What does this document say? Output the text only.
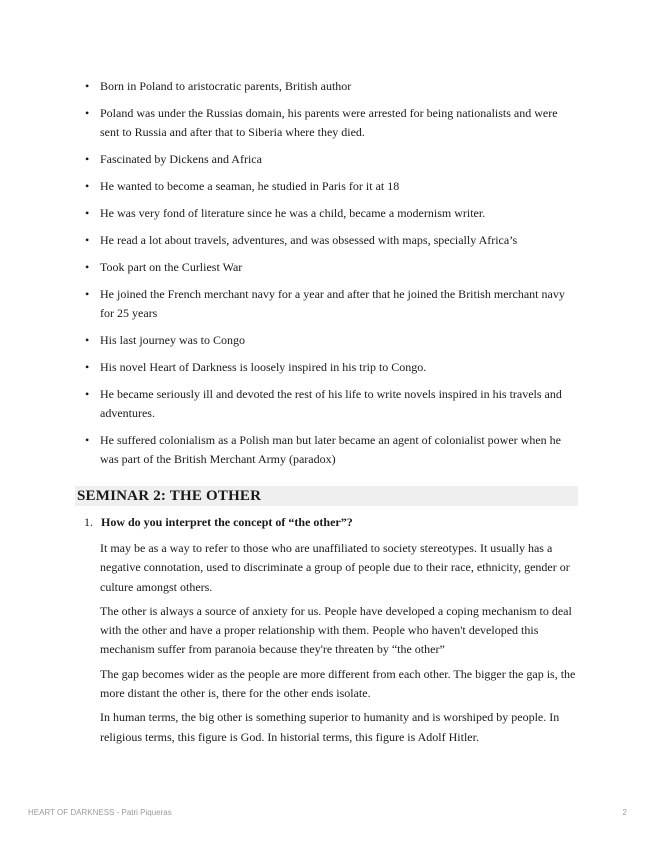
• Born in Poland to aristocratic parents, British author
• Poland was under the Russias domain, his parents were arrested for being nationalists and were sent to Russia and after that to Siberia where they died.
• Fascinated by Dickens and Africa
• He wanted to become a seaman, he studied in Paris for it at 18
• He was very fond of literature since he was a child, became a modernism writer.
• He read a lot about travels, adventures, and was obsessed with maps, specially Africa’s
• Took part on the Curliest War
• He joined the French merchant navy for a year and after that he joined the British merchant navy for 25 years
• His last journey was to Congo
• His novel Heart of Darkness is loosely inspired in his trip to Congo.
• He became seriously ill and devoted the rest of his life to write novels inspired in his travels and adventures.
• He suffered colonialism as a Polish man but later became an agent of colonialist power when he was part of the British Merchant Army (paradox)
SEMINAR 2: THE OTHER
1. How do you interpret the concept of “the other”?

It may be as a way to refer to those who are unaffiliated to society stereotypes. It usually has a negative connotation, used to discriminate a group of people due to their race, ethnicity, gender or culture amongst others.

The other is always a source of anxiety for us. People have developed a coping mechanism to deal with the other and have a proper relationship with them. People who haven't developed this mechanism suffer from paranoia because they're threaten by “the other”

The gap becomes wider as the people are more different from each other. The bigger the gap is, the more distant the other is, there for the other ends isolate.

In human terms, the big other is something superior to humanity and is worshiped by people. In religious terms, this figure is God. In historial terms, this figure is Adolf Hitler.

HEART OF DARKNESS - Patri Piqueras	2
